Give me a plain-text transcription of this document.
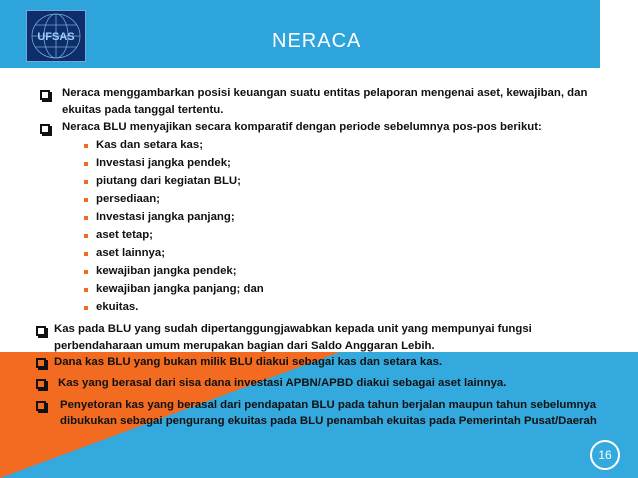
UFSAS	NERACA
Neraca menggambarkan posisi keuangan suatu entitas pelaporan mengenai aset, kewajiban, dan
ekuitas pada tanggal tertentu.
Neraca BLU menyajikan secara komparatif dengan periode sebelumnya pos-pos berikut:
Kas dan setara kas;
Investasi jangka pendek;
piutang dari kegiatan BLU;
persediaan;
Investasi jangka panjang;
aset tetap;
aset lainnya;
kewajiban jangka pendek;
kewajiban jangka panjang; dan
ekuitas.
Kas pada BLU yang sudah dipertanggungjawabkan kepada unit yang mempunyai fungsi
perbendaharaan umum merupakan bagian dari Saldo Anggaran Lebih.
Dana kas BLU yang bukan milik BLU diakui sebagai kas dan setara kas.
Kas yang berasal dari sisa dana investasi APBN/APBD diakui sebagai aset lainnya.
Penyetoran kas yang berasal dari pendapatan BLU pada tahun berjalan maupun tahun sebelumnya
dibukukan sebagai pengurang ekuitas pada BLU penambah ekuitas pada Pemerintah Pusat/Daerah
16
